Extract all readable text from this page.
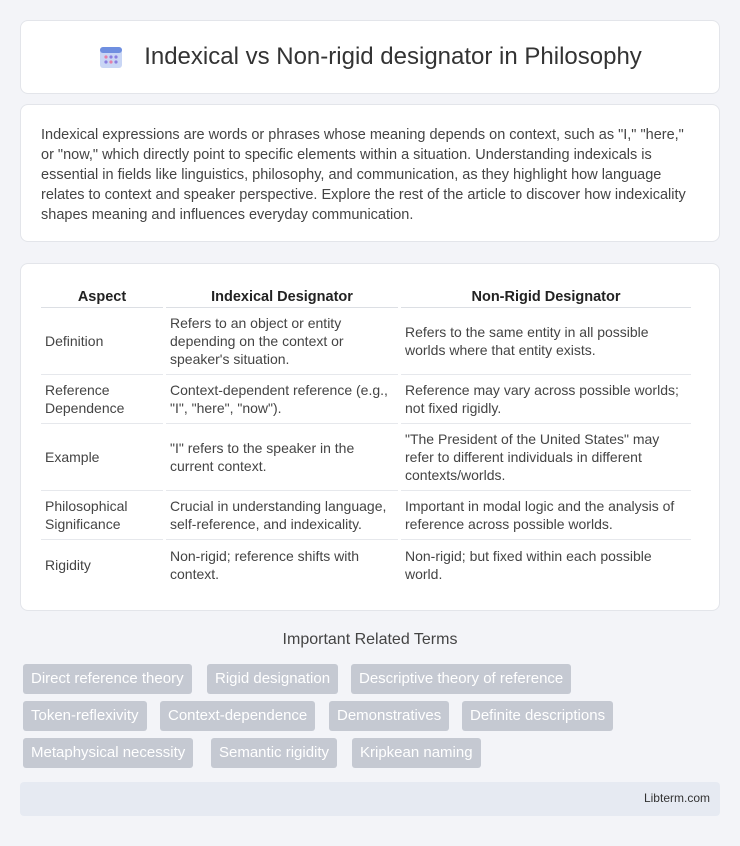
Indexical vs Non-rigid designator in Philosophy

Indexical expressions are words or phrases whose meaning depends on context, such as "I," "here," or "now," which directly point to specific elements within a situation. Understanding indexicals is essential in fields like linguistics, philosophy, and communication, as they highlight how language relates to context and speaker perspective. Explore the rest of the article to discover how indexicality shapes meaning and influences everyday communication.

Aspect	Indexical Designator	Non-Rigid Designator
Definition	Refers to an object or entity depending on the context or speaker's situation.	Refers to the same entity in all possible worlds where that entity exists.
Reference Dependence	Context-dependent reference (e.g., "I", "here", "now").	Reference may vary across possible worlds; not fixed rigidly.
Example	"I" refers to the speaker in the current context.	"The President of the United States" may refer to different individuals in different contexts/worlds.
Philosophical Significance	Crucial in understanding language, self-reference, and indexicality.	Important in modal logic and the analysis of reference across possible worlds.
Rigidity	Non-rigid; reference shifts with context.	Non-rigid; but fixed within each possible world.
Important Related Terms
Direct reference theory	Rigid designation	Descriptive theory of reference
Token-reflexivity	Context-dependence	Demonstratives	Definite descriptions
Metaphysical necessity	Semantic rigidity	Kripkean naming
Libterm.com
